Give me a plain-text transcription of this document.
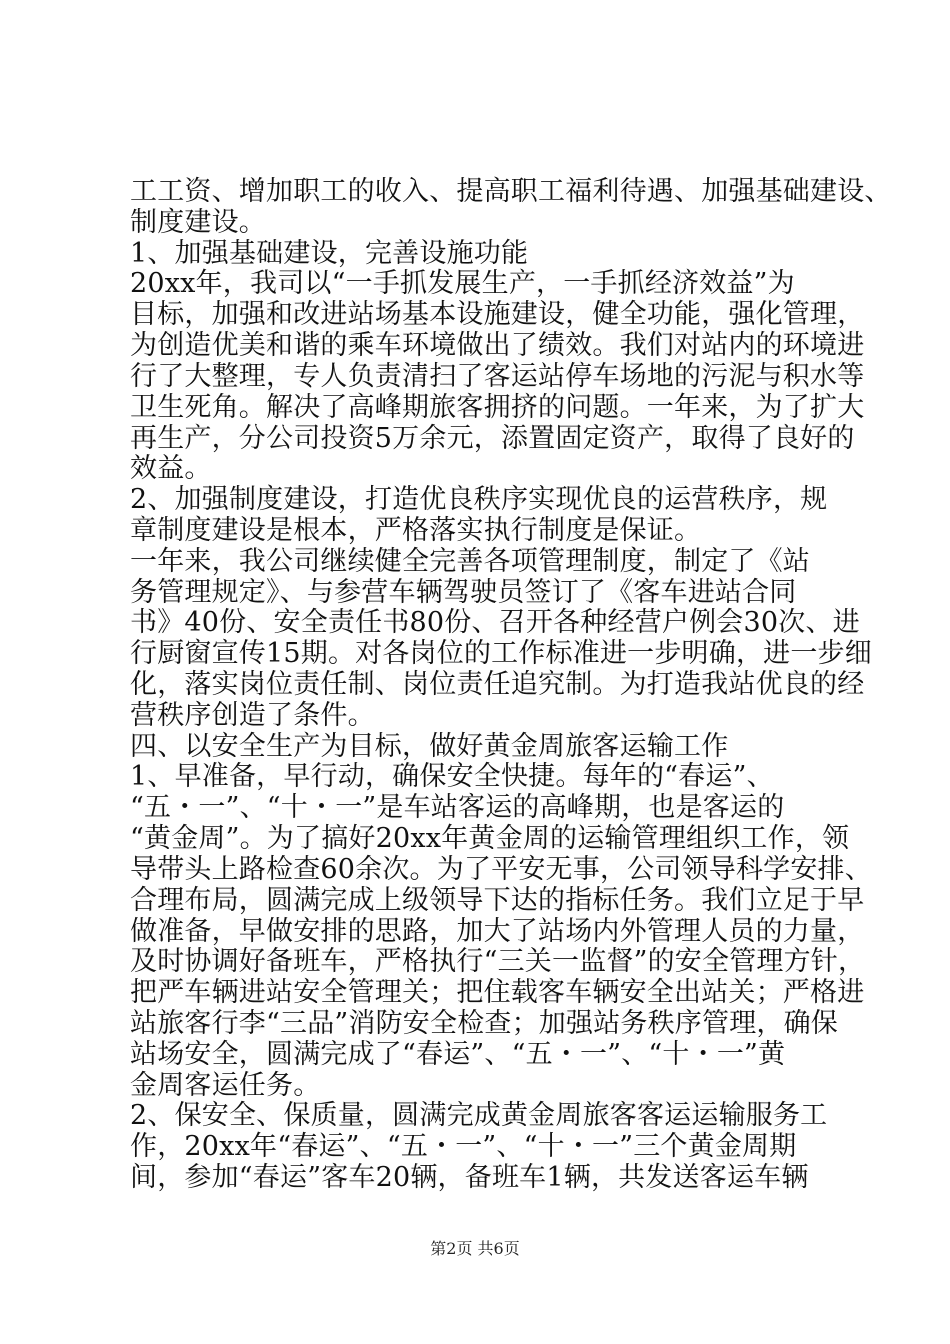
工工资、增加职工的收入、提高职工福利待遇、加强基础建设、
制度建设。
1、加强基础建设，完善设施功能
20xx年，我司以“一手抓发展生产，一手抓经济效益”为
目标，加强和改进站场基本设施建设，健全功能，强化管理，
为创造优美和谐的乘车环境做出了绩效。我们对站内的环境进
行了大整理，专人负责清扫了客运站停车场地的污泥与积水等
卫生死角。解决了高峰期旅客拥挤的问题。一年来，为了扩大
再生产，分公司投资5万余元，添置固定资产，取得了良好的
效益。
2、加强制度建设，打造优良秩序实现优良的运营秩序，规
章制度建设是根本，严格落实执行制度是保证。
一年来，我公司继续健全完善各项管理制度，制定了《站
务管理规定》、与参营车辆驾驶员签订了《客车进站合同
书》40份、安全责任书80份、召开各种经营户例会30次、进
行厨窗宣传15期。对各岗位的工作标准进一步明确，进一步细
化，落实岗位责任制、岗位责任追究制。为打造我站优良的经
营秩序创造了条件。
四、以安全生产为目标，做好黄金周旅客运输工作
1、早准备，早行动，确保安全快捷。每年的“春运”、
“五・一”、“十・一”是车站客运的高峰期，也是客运的
“黄金周”。为了搞好20xx年黄金周的运输管理组织工作，领
导带头上路检查60余次。为了平安无事，公司领导科学安排、
合理布局，圆满完成上级领导下达的指标任务。我们立足于早
做准备，早做安排的思路，加大了站场内外管理人员的力量，
及时协调好备班车，严格执行“三关一监督”的安全管理方针，
把严车辆进站安全管理关；把住载客车辆安全出站关；严格进
站旅客行李“三品”消防安全检查；加强站务秩序管理，确保
站场安全，圆满完成了“春运”、“五・一”、“十・一”黄
金周客运任务。
2、保安全、保质量，圆满完成黄金周旅客客运运输服务工
作，20xx年“春运”、“五・一”、“十・一”三个黄金周期
间，参加“春运”客车20辆，备班车1辆，共发送客运车辆
第2页 共6页
